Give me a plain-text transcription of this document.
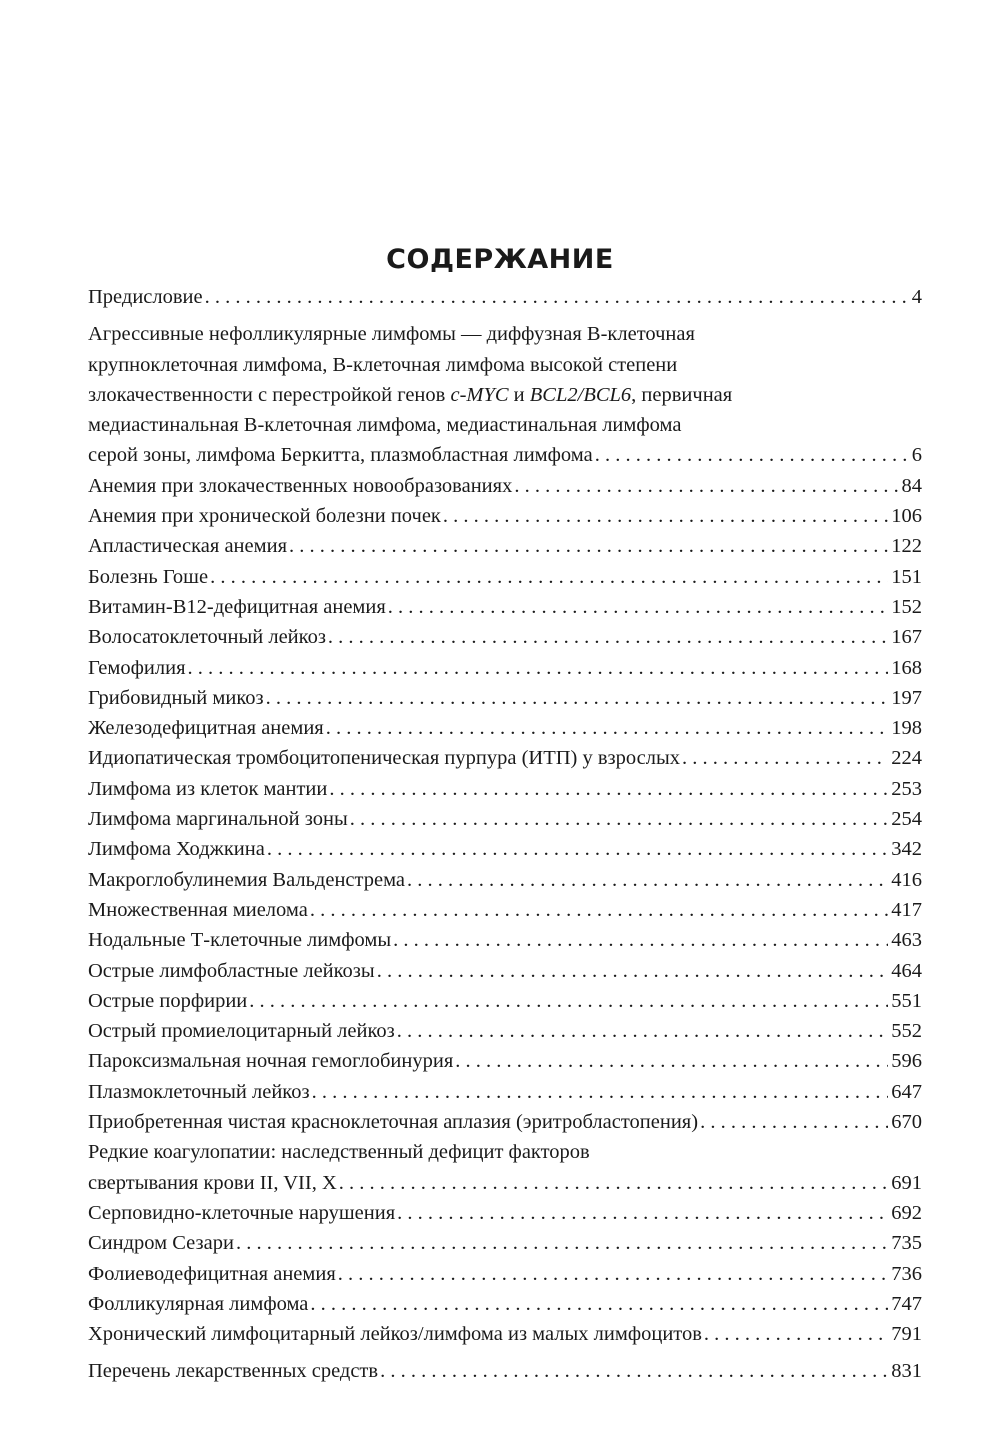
СОДЕРЖАНИЕ
Предисловие . . .	4
Агрессивные нефолликулярные лимфомы — диффузная В-клеточная
крупноклеточная лимфома, В-клеточная лимфома высокой степени
злокачественности с перестройкой генов c-MYC и BCL2/BCL6, первичная
медиастинальная В-клеточная лимфома, медиастинальная лимфома
серой зоны, лимфома Беркитта, плазмобластная лимфома . . .	6
Анемия при злокачественных новообразованиях . . .	84
Анемия при хронической болезни почек . . .	106
Апластическая анемия . . .	122
Болезнь Гоше . . .	151
Витамин-В12-дефицитная анемия . . .	152
Волосатоклеточный лейкоз . . .	167
Гемофилия . . .	168
Грибовидный микоз . . .	197
Железодефицитная анемия . . .	198
Идиопатическая тромбоцитопеническая пурпура (ИТП) у взрослых . . .	224
Лимфома из клеток мантии . . .	253
Лимфома маргинальной зоны . . .	254
Лимфома Ходжкина . . .	342
Макроглобулинемия Вальденстрема . . .	416
Множественная миелома . . .	417
Нодальные Т-клеточные лимфомы . . .	463
Острые лимфобластные лейкозы . . .	464
Острые порфирии . . .	551
Острый промиелоцитарный лейкоз . . .	552
Пароксизмальная ночная гемоглобинурия . . .	596
Плазмоклеточный лейкоз . . .	647
Приобретенная чистая красноклеточная аплазия (эритробластопения) . . .	670
Редкие коагулопатии: наследственный дефицит факторов
свертывания крови II, VII, X . . .	691
Серповидно-клеточные нарушения . . .	692
Синдром Сезари . . .	735
Фолиеводефицитная анемия . . .	736
Фолликулярная лимфома . . .	747
Хронический лимфоцитарный лейкоз/лимфома из малых лимфоцитов . . .	791
Перечень лекарственных средств . . .	831
